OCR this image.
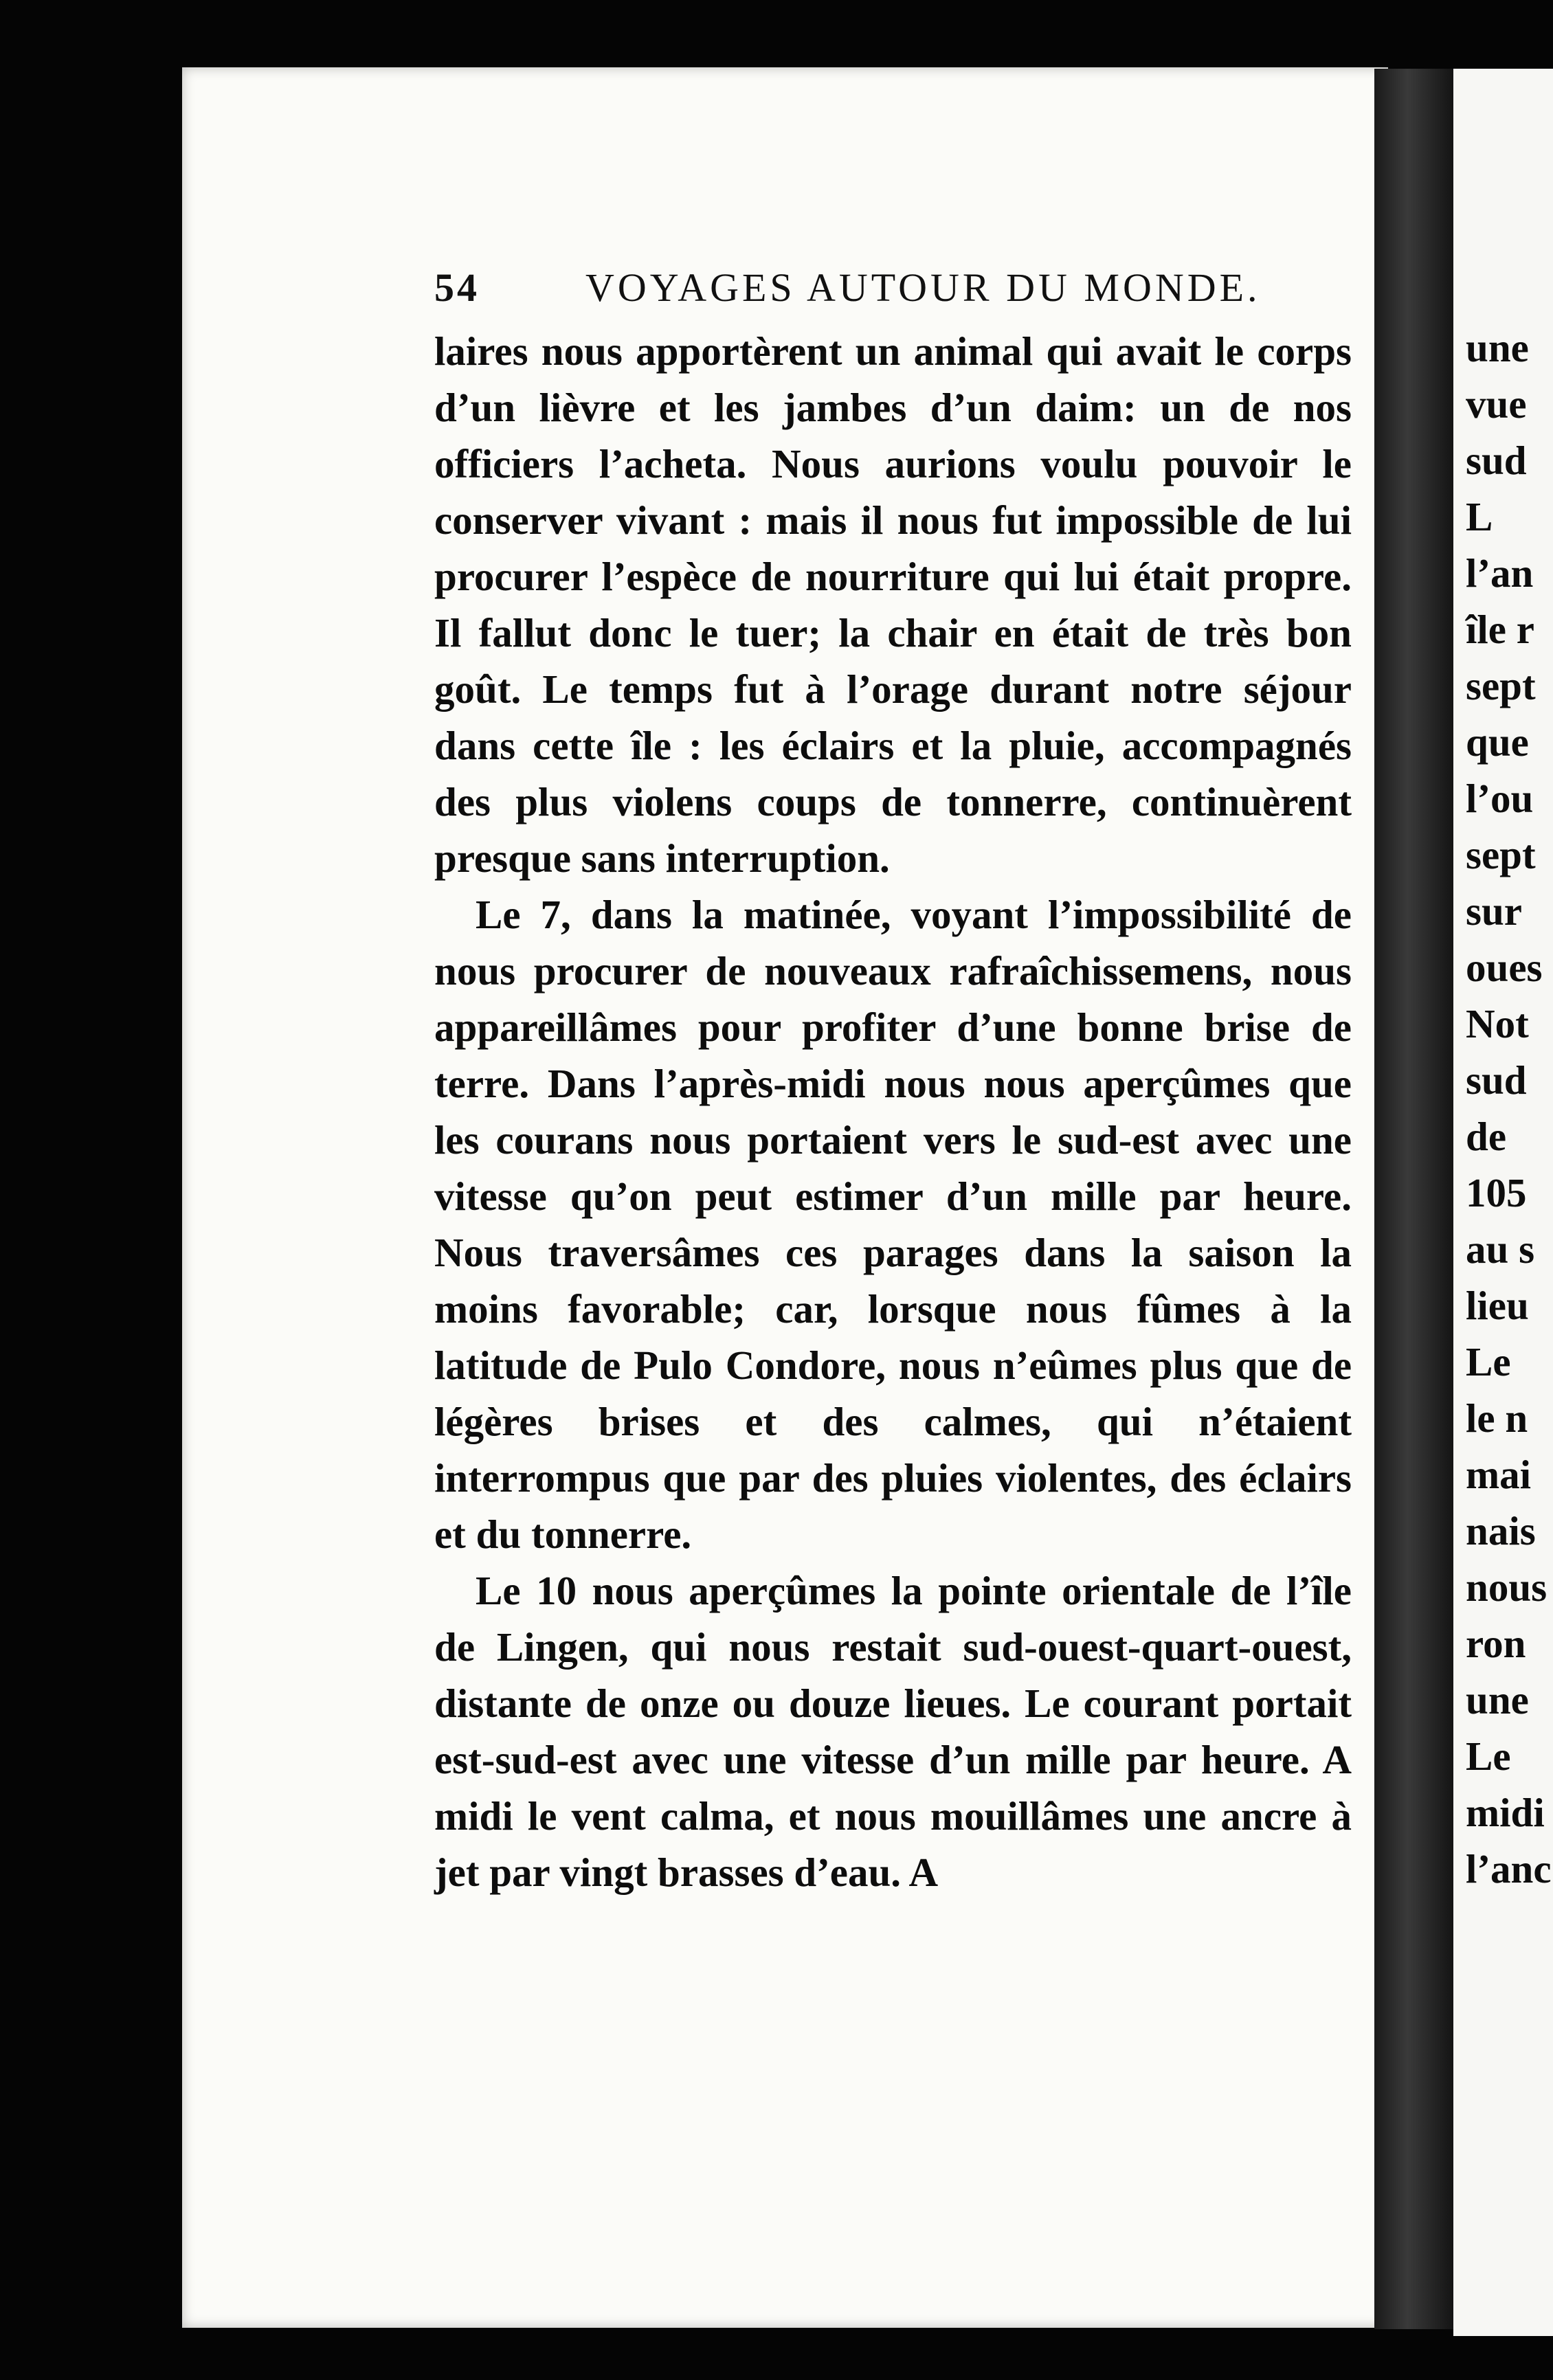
une
vue
sud
L
l’an
île r
sept
que
l’ou
sept
sur
oues
Not
sud
de
105
au s
lieu
Le
le n
mai
nais
nous
ron
une
Le
midi
l’anc
54	VOYAGES AUTOUR DU MONDE.

laires nous apportèrent un animal qui avait le corps d’un lièvre et les jambes d’un daim: un de nos officiers l’acheta. Nous aurions voulu pouvoir le conserver vivant : mais il nous fut impossible de lui procurer l’espèce de nourriture qui lui était propre. Il fallut donc le tuer; la chair en était de très bon goût. Le temps fut à l’orage durant notre séjour dans cette île : les éclairs et la pluie, accompagnés des plus violens coups de tonnerre, continuèrent presque sans interruption.

Le 7, dans la matinée, voyant l’impossibilité de nous procurer de nouveaux rafraîchissemens, nous appareillâmes pour profiter d’une bonne brise de terre. Dans l’après-midi nous nous aperçûmes que les courans nous portaient vers le sud-est avec une vitesse qu’on peut estimer d’un mille par heure. Nous traversâmes ces parages dans la saison la moins favorable; car, lorsque nous fûmes à la latitude de Pulo Condore, nous n’eûmes plus que de légères brises et des calmes, qui n’étaient interrompus que par des pluies violentes, des éclairs et du tonnerre.

Le 10 nous aperçûmes la pointe orientale de l’île de Lingen, qui nous restait sud-ouest-quart-ouest, distante de onze ou douze lieues. Le courant portait est-sud-est avec une vitesse d’un mille par heure. A midi le vent calma, et nous mouillâmes une ancre à jet par vingt brasses d’eau. A
